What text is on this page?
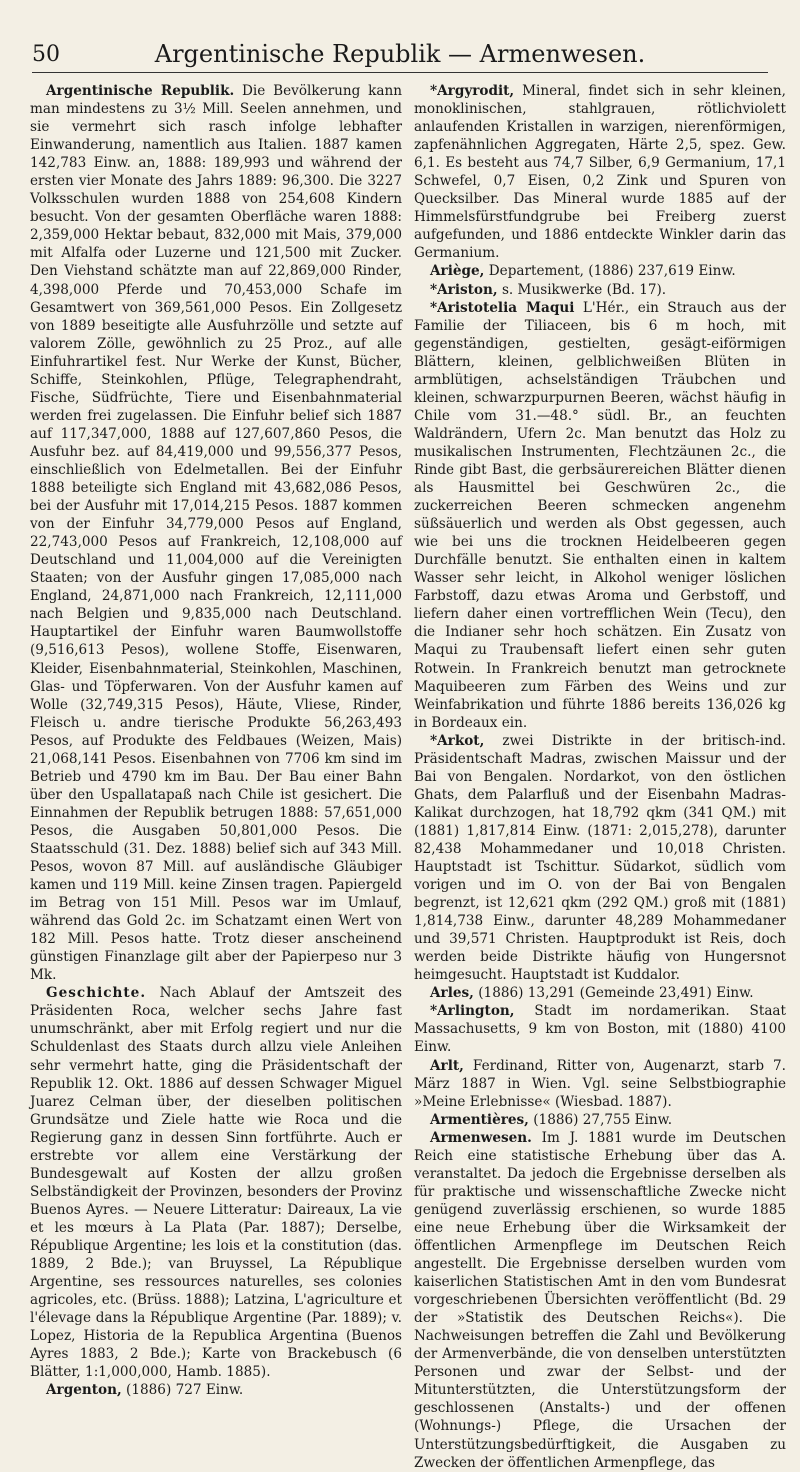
50	Argentinische Republik — Armenwesen.

Argentinische Republik. Die Bevölkerung kann man mindestens zu 3½ Mill. Seelen annehmen, und sie vermehrt sich rasch infolge lebhafter Einwanderung, namentlich aus Italien. 1887 kamen 142,783 Einw. an, 1888: 189,993 und während der ersten vier Monate des Jahrs 1889: 96,300. Die 3227 Volksschulen wurden 1888 von 254,608 Kindern besucht. Von der gesamten Oberfläche waren 1888: 2,359,000 Hektar bebaut, 832,000 mit Mais, 379,000 mit Alfalfa oder Luzerne und 121,500 mit Zucker. Den Viehstand schätzte man auf 22,869,000 Rinder, 4,398,000 Pferde und 70,453,000 Schafe im Gesamtwert von 369,561,000 Pesos. Ein Zollgesetz von 1889 beseitigte alle Ausfuhrzölle und setzte auf valorem Zölle, gewöhnlich zu 25 Proz., auf alle Einfuhrartikel fest. Nur Werke der Kunst, Bücher, Schiffe, Steinkohlen, Pflüge, Telegraphendraht, Fische, Südfrüchte, Tiere und Eisenbahnmaterial werden frei zugelassen. Die Einfuhr belief sich 1887 auf 117,347,000, 1888 auf 127,607,860 Pesos, die Ausfuhr bez. auf 84,419,000 und 99,556,377 Pesos, einschließlich von Edelmetallen. Bei der Einfuhr 1888 beteiligte sich England mit 43,682,086 Pesos, bei der Ausfuhr mit 17,014,215 Pesos. 1887 kommen von der Einfuhr 34,779,000 Pesos auf England, 22,743,000 Pesos auf Frankreich, 12,108,000 auf Deutschland und 11,004,000 auf die Vereinigten Staaten; von der Ausfuhr gingen 17,085,000 nach England, 24,871,000 nach Frankreich, 12,111,000 nach Belgien und 9,835,000 nach Deutschland. Hauptartikel der Einfuhr waren Baumwollstoffe (9,516,613 Pesos), wollene Stoffe, Eisenwaren, Kleider, Eisenbahnmaterial, Steinkohlen, Maschinen, Glas- und Töpferwaren. Von der Ausfuhr kamen auf Wolle (32,749,315 Pesos), Häute, Vliese, Rinder, Fleisch u. andre tierische Produkte 56,263,493 Pesos, auf Produkte des Feldbaues (Weizen, Mais) 21,068,141 Pesos. Eisenbahnen von 7706 km sind im Betrieb und 4790 km im Bau. Der Bau einer Bahn über den Uspallatapaß nach Chile ist gesichert. Die Einnahmen der Republik betrugen 1888: 57,651,000 Pesos, die Ausgaben 50,801,000 Pesos. Die Staatsschuld (31. Dez. 1888) belief sich auf 343 Mill. Pesos, wovon 87 Mill. auf ausländische Gläubiger kamen und 119 Mill. keine Zinsen tragen. Papiergeld im Betrag von 151 Mill. Pesos war im Umlauf, während das Gold 2c. im Schatzamt einen Wert von 182 Mill. Pesos hatte. Trotz dieser anscheinend günstigen Finanzlage gilt aber der Papierpeso nur 3 Mk.

Geschichte. Nach Ablauf der Amtszeit des Präsidenten Roca, welcher sechs Jahre fast unumschränkt, aber mit Erfolg regiert und nur die Schuldenlast des Staats durch allzu viele Anleihen sehr vermehrt hatte, ging die Präsidentschaft der Republik 12. Okt. 1886 auf dessen Schwager Miguel Juarez Celman über, der dieselben politischen Grundsätze und Ziele hatte wie Roca und die Regierung ganz in dessen Sinn fortführte. Auch er erstrebte vor allem eine Verstärkung der Bundesgewalt auf Kosten der allzu großen Selbständigkeit der Provinzen, besonders der Provinz Buenos Ayres. — Neuere Litteratur: Daireaux, La vie et les mœurs à La Plata (Par. 1887); Derselbe, République Argentine; les lois et la constitution (das. 1889, 2 Bde.); van Bruyssel, La République Argentine, ses ressources naturelles, ses colonies agricoles, etc. (Brüss. 1888); Latzina, L'agriculture et l'élevage dans la République Argentine (Par. 1889); v. Lopez, Historia de la Republica Argentina (Buenos Ayres 1883, 2 Bde.); Karte von Brackebusch (6 Blätter, 1:1,000,000, Hamb. 1885).

Argenton, (1886) 727 Einw.

*Argyrodit, Mineral, findet sich in sehr kleinen, monoklinischen, stahlgrauen, rötlichviolett anlaufenden Kristallen in warzigen, nierenförmigen, zapfenähnlichen Aggregaten, Härte 2,5, spez. Gew. 6,1. Es besteht aus 74,7 Silber, 6,9 Germanium, 17,1 Schwefel, 0,7 Eisen, 0,2 Zink und Spuren von Quecksilber. Das Mineral wurde 1885 auf der Himmelsfürstfundgrube bei Freiberg zuerst aufgefunden, und 1886 entdeckte Winkler darin das Germanium.

Ariège, Departement, (1886) 237,619 Einw.

*Ariston, s. Musikwerke (Bd. 17).

*Aristotelia Maqui L'Hér., ein Strauch aus der Familie der Tiliaceen, bis 6 m hoch, mit gegenständigen, gestielten, gesägt-eiförmigen Blättern, kleinen, gelblichweißen Blüten in armblütigen, achselständigen Träubchen und kleinen, schwarzpurpurnen Beeren, wächst häufig in Chile vom 31.—48.° südl. Br., an feuchten Waldrändern, Ufern 2c. Man benutzt das Holz zu musikalischen Instrumenten, Flechtzäunen 2c., die Rinde gibt Bast, die gerbsäurereichen Blätter dienen als Hausmittel bei Geschwüren 2c., die zuckerreichen Beeren schmecken angenehm süßsäuerlich und werden als Obst gegessen, auch wie bei uns die trocknen Heidelbeeren gegen Durchfälle benutzt. Sie enthalten einen in kaltem Wasser sehr leicht, in Alkohol weniger löslichen Farbstoff, dazu etwas Aroma und Gerbstoff, und liefern daher einen vortrefflichen Wein (Tecu), den die Indianer sehr hoch schätzen. Ein Zusatz von Maqui zu Traubensaft liefert einen sehr guten Rotwein. In Frankreich benutzt man getrocknete Maquibeeren zum Färben des Weins und zur Weinfabrikation und führte 1886 bereits 136,026 kg in Bordeaux ein.

*Arkot, zwei Distrikte in der britisch-ind. Präsidentschaft Madras, zwischen Maissur und der Bai von Bengalen. Nordarkot, von den östlichen Ghats, dem Palarfluß und der Eisenbahn Madras-Kalikat durchzogen, hat 18,792 qkm (341 QM.) mit (1881) 1,817,814 Einw. (1871: 2,015,278), darunter 82,438 Mohammedaner und 10,018 Christen. Hauptstadt ist Tschittur. Südarkot, südlich vom vorigen und im O. von der Bai von Bengalen begrenzt, ist 12,621 qkm (292 QM.) groß mit (1881) 1,814,738 Einw., darunter 48,289 Mohammedaner und 39,571 Christen. Hauptprodukt ist Reis, doch werden beide Distrikte häufig von Hungersnot heimgesucht. Hauptstadt ist Kuddalor.

Arles, (1886) 13,291 (Gemeinde 23,491) Einw.

*Arlington, Stadt im nordamerikan. Staat Massachusetts, 9 km von Boston, mit (1880) 4100 Einw.

Arlt, Ferdinand, Ritter von, Augenarzt, starb 7. März 1887 in Wien. Vgl. seine Selbstbiographie »Meine Erlebnisse« (Wiesbad. 1887).

Armentières, (1886) 27,755 Einw.

Armenwesen. Im J. 1881 wurde im Deutschen Reich eine statistische Erhebung über das A. veranstaltet. Da jedoch die Ergebnisse derselben als für praktische und wissenschaftliche Zwecke nicht genügend zuverlässig erschienen, so wurde 1885 eine neue Erhebung über die Wirksamkeit der öffentlichen Armenpflege im Deutschen Reich angestellt. Die Ergebnisse derselben wurden vom kaiserlichen Statistischen Amt in den vom Bundesrat vorgeschriebenen Übersichten veröffentlicht (Bd. 29 der »Statistik des Deutschen Reichs«). Die Nachweisungen betreffen die Zahl und Bevölkerung der Armenverbände, die von denselben unterstützten Personen und zwar der Selbst- und der Mitunterstützten, die Unterstützungsform der geschlossenen (Anstalts-) und der offenen (Wohnungs-) Pflege, die Ursachen der Unterstützungsbedürftigkeit, die Ausgaben zu Zwecken der öffentlichen Armenpflege, das
